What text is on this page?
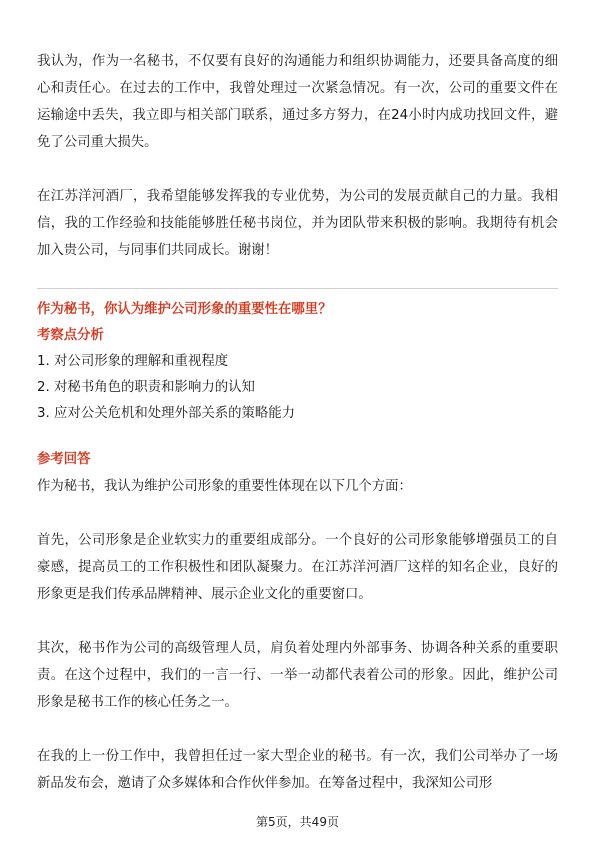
我认为，作为一名秘书，不仅要有良好的沟通能力和组织协调能力，还要具备高度的细心和责任心。在过去的工作中，我曾处理过一次紧急情况。有一次，公司的重要文件在运输途中丢失，我立即与相关部门联系，通过多方努力，在24小时内成功找回文件，避免了公司重大损失。

在江苏洋河酒厂，我希望能够发挥我的专业优势，为公司的发展贡献自己的力量。我相信，我的工作经验和技能能够胜任秘书岗位，并为团队带来积极的影响。我期待有机会加入贵公司，与同事们共同成长。谢谢！

作为秘书，你认为维护公司形象的重要性在哪里？

考察点分析

1. 对公司形象的理解和重视程度

2. 对秘书角色的职责和影响力的认知

3. 应对公关危机和处理外部关系的策略能力

参考回答

作为秘书，我认为维护公司形象的重要性体现在以下几个方面：

首先，公司形象是企业软实力的重要组成部分。一个良好的公司形象能够增强员工的自豪感，提高员工的工作积极性和团队凝聚力。在江苏洋河酒厂这样的知名企业，良好的形象更是我们传承品牌精神、展示企业文化的重要窗口。

其次，秘书作为公司的高级管理人员，肩负着处理内外部事务、协调各种关系的重要职责。在这个过程中，我们的一言一行、一举一动都代表着公司的形象。因此，维护公司形象是秘书工作的核心任务之一。

在我的上一份工作中，我曾担任过一家大型企业的秘书。有一次，我们公司举办了一场新品发布会，邀请了众多媒体和合作伙伴参加。在筹备过程中，我深知公司形

第5页，共49页
